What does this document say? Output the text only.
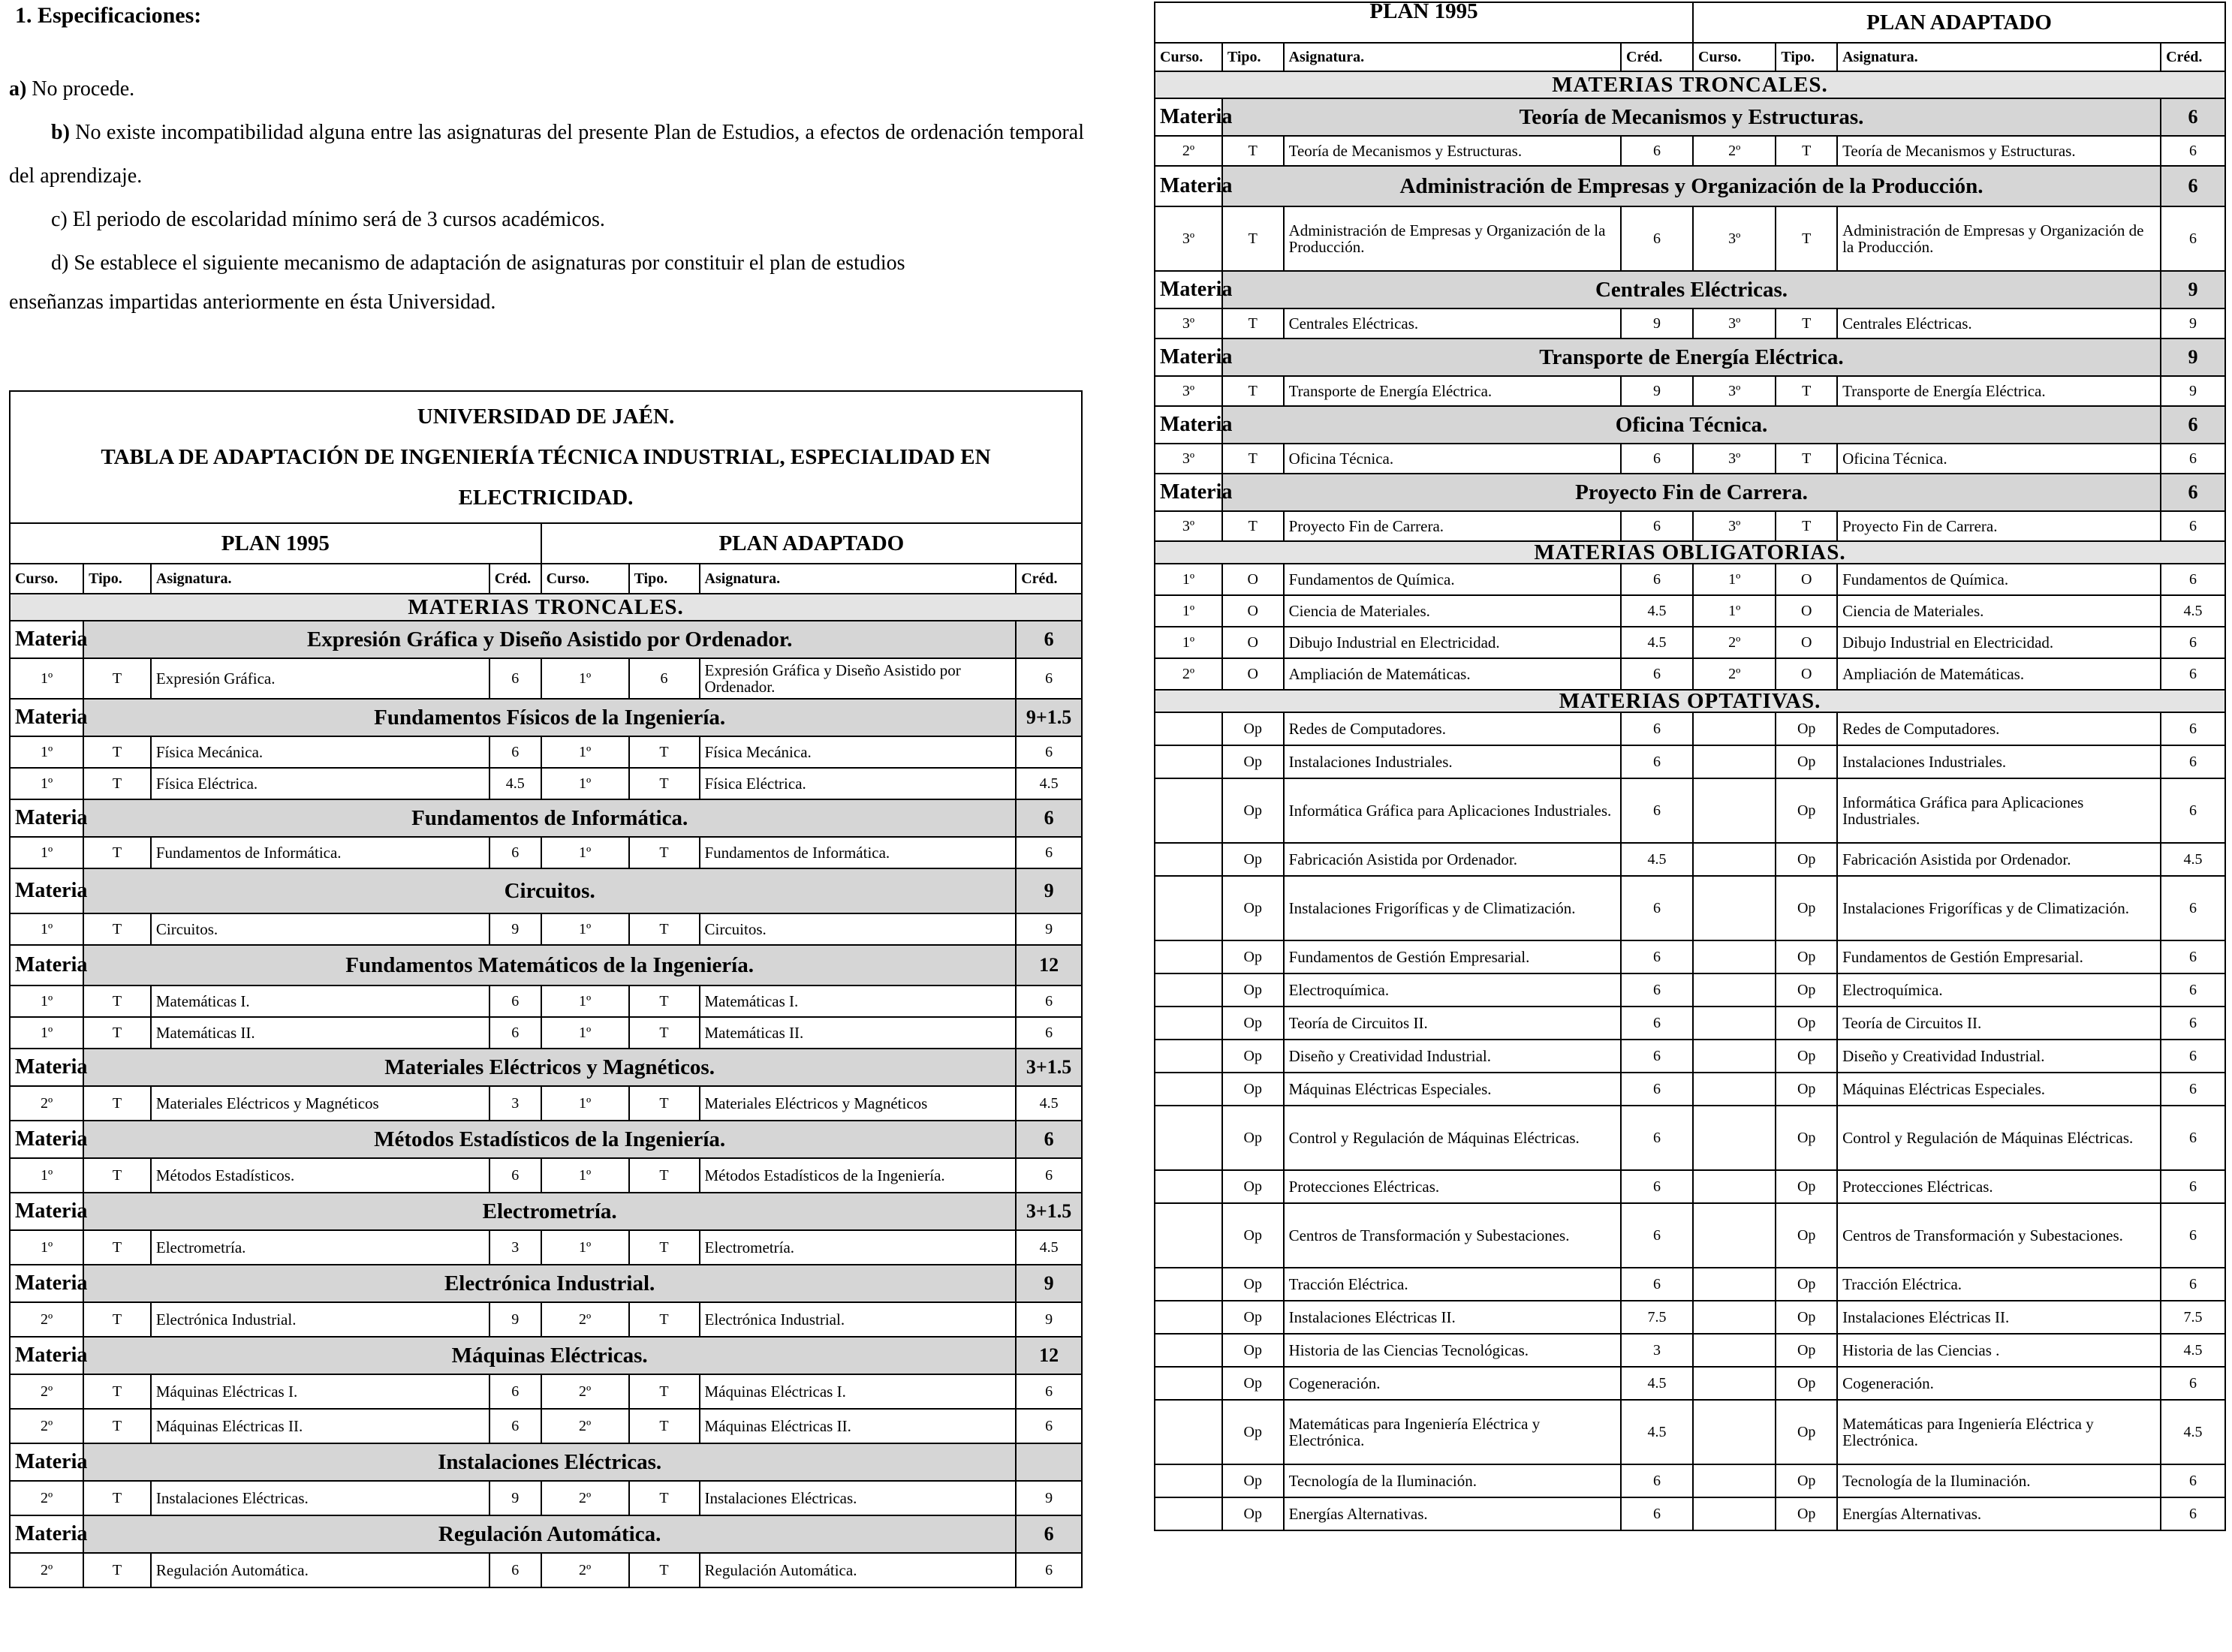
1. Especificaciones:

a) No procede.

b) No existe incompatibilidad alguna entre las asignaturas del presente Plan de Estudios, a efectos de ordenación temporal del aprendizaje.

c) El periodo de escolaridad mínimo será de 3 cursos académicos.

d) Se establece el siguiente mecanismo de adaptación de asignaturas por constituir el plan de estudios

enseñanzas impartidas anteriormente en ésta Universidad.

UNIVERSIDAD DE JAÉN.
TABLA DE ADAPTACIÓN DE INGENIERÍA TÉCNICA INDUSTRIAL, ESPECIALIDAD EN ELECTRICIDAD.							

PLAN 1995				PLAN ADAPTADO			
Curso.	Tipo.	Asignatura.	Créd.	Curso.	Tipo.	Asignatura.	Créd.
MATERIAS TRONCALES.							
Materia	Expresión Gráfica y Diseño Asistido por Ordenador.						6
1º	T	Expresión Gráfica.	6	1º	6	Expresión Gráfica y Diseño Asistido por Ordenador.	6
Materia	Fundamentos Físicos de la Ingeniería.						9+1.5
1º	T	Física Mecánica.	6	1º	T	Física Mecánica.	6
1º	T	Física Eléctrica.	4.5	1º	T	Física Eléctrica.	4.5
Materia	Fundamentos de Informática.						6
1º	T	Fundamentos de Informática.	6	1º	T	Fundamentos de Informática.	6
Materia	Circuitos.						9
1º	T	Circuitos.	9	1º	T	Circuitos.	9
Materia	Fundamentos Matemáticos de la Ingeniería.						12
1º	T	Matemáticas I.	6	1º	T	Matemáticas I.	6
1º	T	Matemáticas II.	6	1º	T	Matemáticas II.	6
Materia	Materiales Eléctricos y Magnéticos.						3+1.5
2º	T	Materiales Eléctricos y Magnéticos	3	1º	T	Materiales Eléctricos y Magnéticos	4.5
Materia	Métodos Estadísticos de la Ingeniería.						6
1º	T	Métodos Estadísticos.	6	1º	T	Métodos Estadísticos de la Ingeniería.	6
Materia	Electrometría.						3+1.5
1º	T	Electrometría.	3	1º	T	Electrometría.	4.5
Materia	Electrónica Industrial.						9
2º	T	Electrónica Industrial.	9	2º	T	Electrónica Industrial.	9
Materia	Máquinas Eléctricas.						12
2º	T	Máquinas Eléctricas I.	6	2º	T	Máquinas Eléctricas I.	6
2º	T	Máquinas Eléctricas II.	6	2º	T	Máquinas Eléctricas II.	6
Materia	Instalaciones Eléctricas.						
2º	T	Instalaciones Eléctricas.	9	2º	T	Instalaciones Eléctricas.	9
Materia	Regulación Automática.						6
2º	T	Regulación Automática.	6	2º	T	Regulación Automática.	6
PLAN 1995				PLAN ADAPTADO			
Curso.	Tipo.	Asignatura.	Créd.	Curso.	Tipo.	Asignatura.	Créd.
MATERIAS TRONCALES.							
Materia	Teoría de Mecanismos y Estructuras.						6
2º	T	Teoría de Mecanismos y Estructuras.	6	2º	T	Teoría de Mecanismos y Estructuras.	6
Materia	Administración de Empresas y Organización de la Producción.						6
3º	T	Administración de Empresas y Organización de la Producción.	6	3º	T	Administración de Empresas y Organización de la Producción.	6
Materia	Centrales Eléctricas.						9
3º	T	Centrales Eléctricas.	9	3º	T	Centrales Eléctricas.	9
Materia	Transporte de Energía Eléctrica.						9
3º	T	Transporte de Energía Eléctrica.	9	3º	T	Transporte de Energía Eléctrica.	9
Materia	Oficina Técnica.						6
3º	T	Oficina Técnica.	6	3º	T	Oficina Técnica.	6
Materia	Proyecto Fin de Carrera.						6
3º	T	Proyecto Fin de Carrera.	6	3º	T	Proyecto Fin de Carrera.	6
MATERIAS OBLIGATORIAS.							
1º	O	Fundamentos de Química.	6	1º	O	Fundamentos de Química.	6
1º	O	Ciencia de Materiales.	4.5	1º	O	Ciencia de Materiales.	4.5
1º	O	Dibujo Industrial en Electricidad.	4.5	2º	O	Dibujo Industrial en Electricidad.	6
2º	O	Ampliación de Matemáticas.	6	2º	O	Ampliación de Matemáticas.	6
MATERIAS OPTATIVAS.							
	Op	Redes de Computadores.	6		Op	Redes de Computadores.	6
	Op	Instalaciones Industriales.	6		Op	Instalaciones Industriales.	6
	Op	Informática Gráfica para Aplicaciones Industriales.	6		Op	Informática Gráfica para Aplicaciones Industriales.	6
	Op	Fabricación Asistida por Ordenador.	4.5		Op	Fabricación Asistida por Ordenador.	4.5
	Op	Instalaciones Frigoríficas y de Climatización.	6		Op	Instalaciones Frigoríficas y de Climatización.	6
	Op	Fundamentos de Gestión Empresarial.	6		Op	Fundamentos de Gestión Empresarial.	6
	Op	Electroquímica.	6		Op	Electroquímica.	6
	Op	Teoría de Circuitos II.	6		Op	Teoría de Circuitos II.	6
	Op	Diseño y Creatividad Industrial.	6		Op	Diseño y Creatividad Industrial.	6
	Op	Máquinas Eléctricas Especiales.	6		Op	Máquinas Eléctricas Especiales.	6
	Op	Control y Regulación de Máquinas Eléctricas.	6		Op	Control y Regulación de Máquinas Eléctricas.	6
	Op	Protecciones Eléctricas.	6		Op	Protecciones Eléctricas.	6
	Op	Centros de Transformación y Subestaciones.	6		Op	Centros de Transformación y Subestaciones.	6
	Op	Tracción Eléctrica.	6		Op	Tracción Eléctrica.	6
	Op	Instalaciones Eléctricas II.	7.5		Op	Instalaciones Eléctricas II.	7.5
	Op	Historia de las Ciencias Tecnológicas.	3		Op	Historia de las Ciencias .	4.5
	Op	Cogeneración.	4.5		Op	Cogeneración.	6
	Op	Matemáticas para Ingeniería Eléctrica y Electrónica.	4.5		Op	Matemáticas para Ingeniería Eléctrica y Electrónica.	4.5
	Op	Tecnología de la Iluminación.	6		Op	Tecnología de la Iluminación.	6
	Op	Energías Alternativas.	6		Op	Energías Alternativas.	6
